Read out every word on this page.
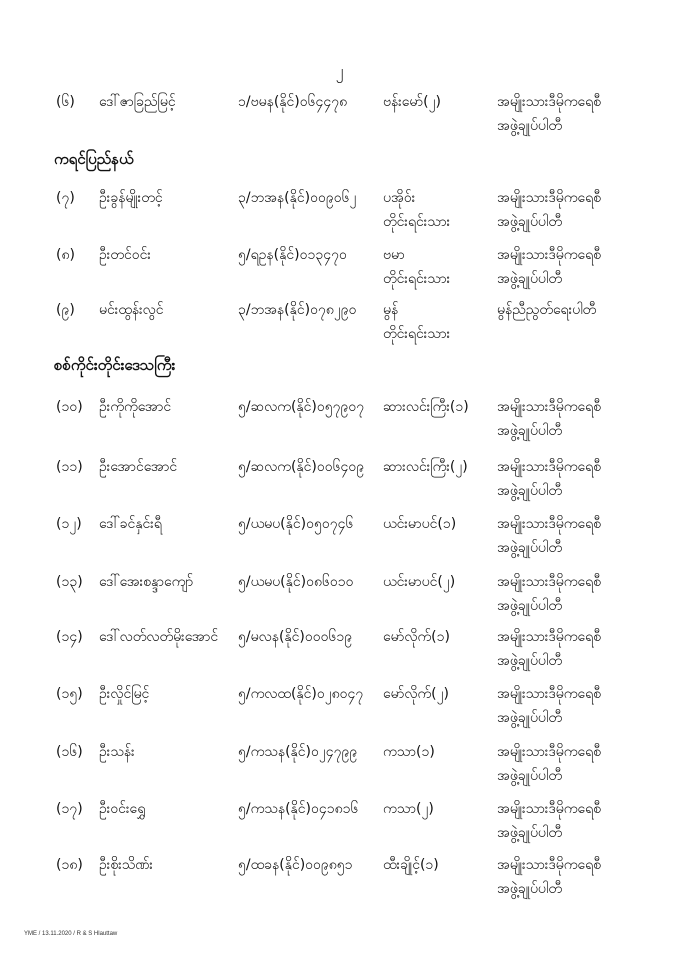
၂
(၆) ဒေါ်ဇာခြည်မြင့်	၁/ဗမန(နိုင်)၀၆၄၄၇၈	ဗန်းမော်(၂)	အမျိုးသားဒီမိုကရေစီ
အဖွဲ့ချုပ်ပါတီ
ကရင်ပြည်နယ်
(၇) ဦးခွန်မျိုးတင့်	၃/ဘအန(နိုင်)၀၀၉၀၆၂ ပအိုဝ်း
တိုင်းရင်းသား
အမျိုးသားဒီမိုကရေစီ
အဖွဲ့ချုပ်ပါတီ
(၈) ဦးတင်ဝင်း	၅/ရဥန(နိုင်)၀၁၃၄၇၀	ဗမာ
တိုင်းရင်းသား
အမျိုးသားဒီမိုကရေစီ
အဖွဲ့ချုပ်ပါတီ
(၉) မင်းထွန်းလွင်	၃/ဘအန(နိုင်)၀၇၈၂၉၀ မွန်
တိုင်းရင်းသား
မွန်ညီညွတ်ရေးပါတီ
စစ်ကိုင်းတိုင်းဒေသကြီး
(၁၀) ဦးကိုကိုအောင်	၅/ဆလက(နိုင်)၀၅၇၉၀၇ ဆားလင်းကြီး(၁) အမျိုးသားဒီမိုကရေစီ
အဖွဲ့ချုပ်ပါတီ
(၁၁) ဦးအောင်အောင်	၅/ဆလက(နိုင်)၀၀၆၄၀၉ ဆားလင်းကြီး(၂) အမျိုးသားဒီမိုကရေစီ
အဖွဲ့ချုပ်ပါတီ
(၁၂) ဒေါ်ခင်နှင်းရီ	၅/ယမပ(နိုင်)၀၅၀၇၄၆ ယင်းမာပင်(၁)	အမျိုးသားဒီမိုကရေစီ
အဖွဲ့ချုပ်ပါတီ
(၁၃) ဒေါ်အေးစန္ဒာကျော်	၅/ယမပ(နိုင်)၀၈၆၀၁၀ ယင်းမာပင်(၂)	အမျိုးသားဒီမိုကရေစီ
အဖွဲ့ချုပ်ပါတီ
(၁၄) ဒေါ်လတ်လတ်မိုးအောင် ၅/မလန(နိုင်)၀၀၀၆၁၉ မော်လိုက်(၁)	အမျိုးသားဒီမိုကရေစီ
အဖွဲ့ချုပ်ပါတီ
(၁၅) ဦးလှိုင်မြင့်	၅/ကလထ(နိုင်)၀၂၈၀၄၇ မော်လိုက်(၂)	အမျိုးသားဒီမိုကရေစီ
အဖွဲ့ချုပ်ပါတီ
(၁၆) ဦးသန်း	၅/ကသန(နိုင်)၀၂၄၇၉၉ ကသာ(၁)	အမျိုးသားဒီမိုကရေစီ
အဖွဲ့ချုပ်ပါတီ
(၁၇) ဦးဝင်းရွှေ	၅/ကသန(နိုင်)၀၄၁၈၁၆ ကသာ(၂)	အမျိုးသားဒီမိုကရေစီ
အဖွဲ့ချုပ်ပါတီ
(၁၈) ဦးစိုးသိဏ်း	၅/ထခန(နိုင်)၀၀၉၈၅၁ ထီးချိုင့်(၁)	အမျိုးသားဒီမိုကရေစီ
အဖွဲ့ချုပ်ပါတီ
YME / 13.11.2020 / R & S Hlauttaw
